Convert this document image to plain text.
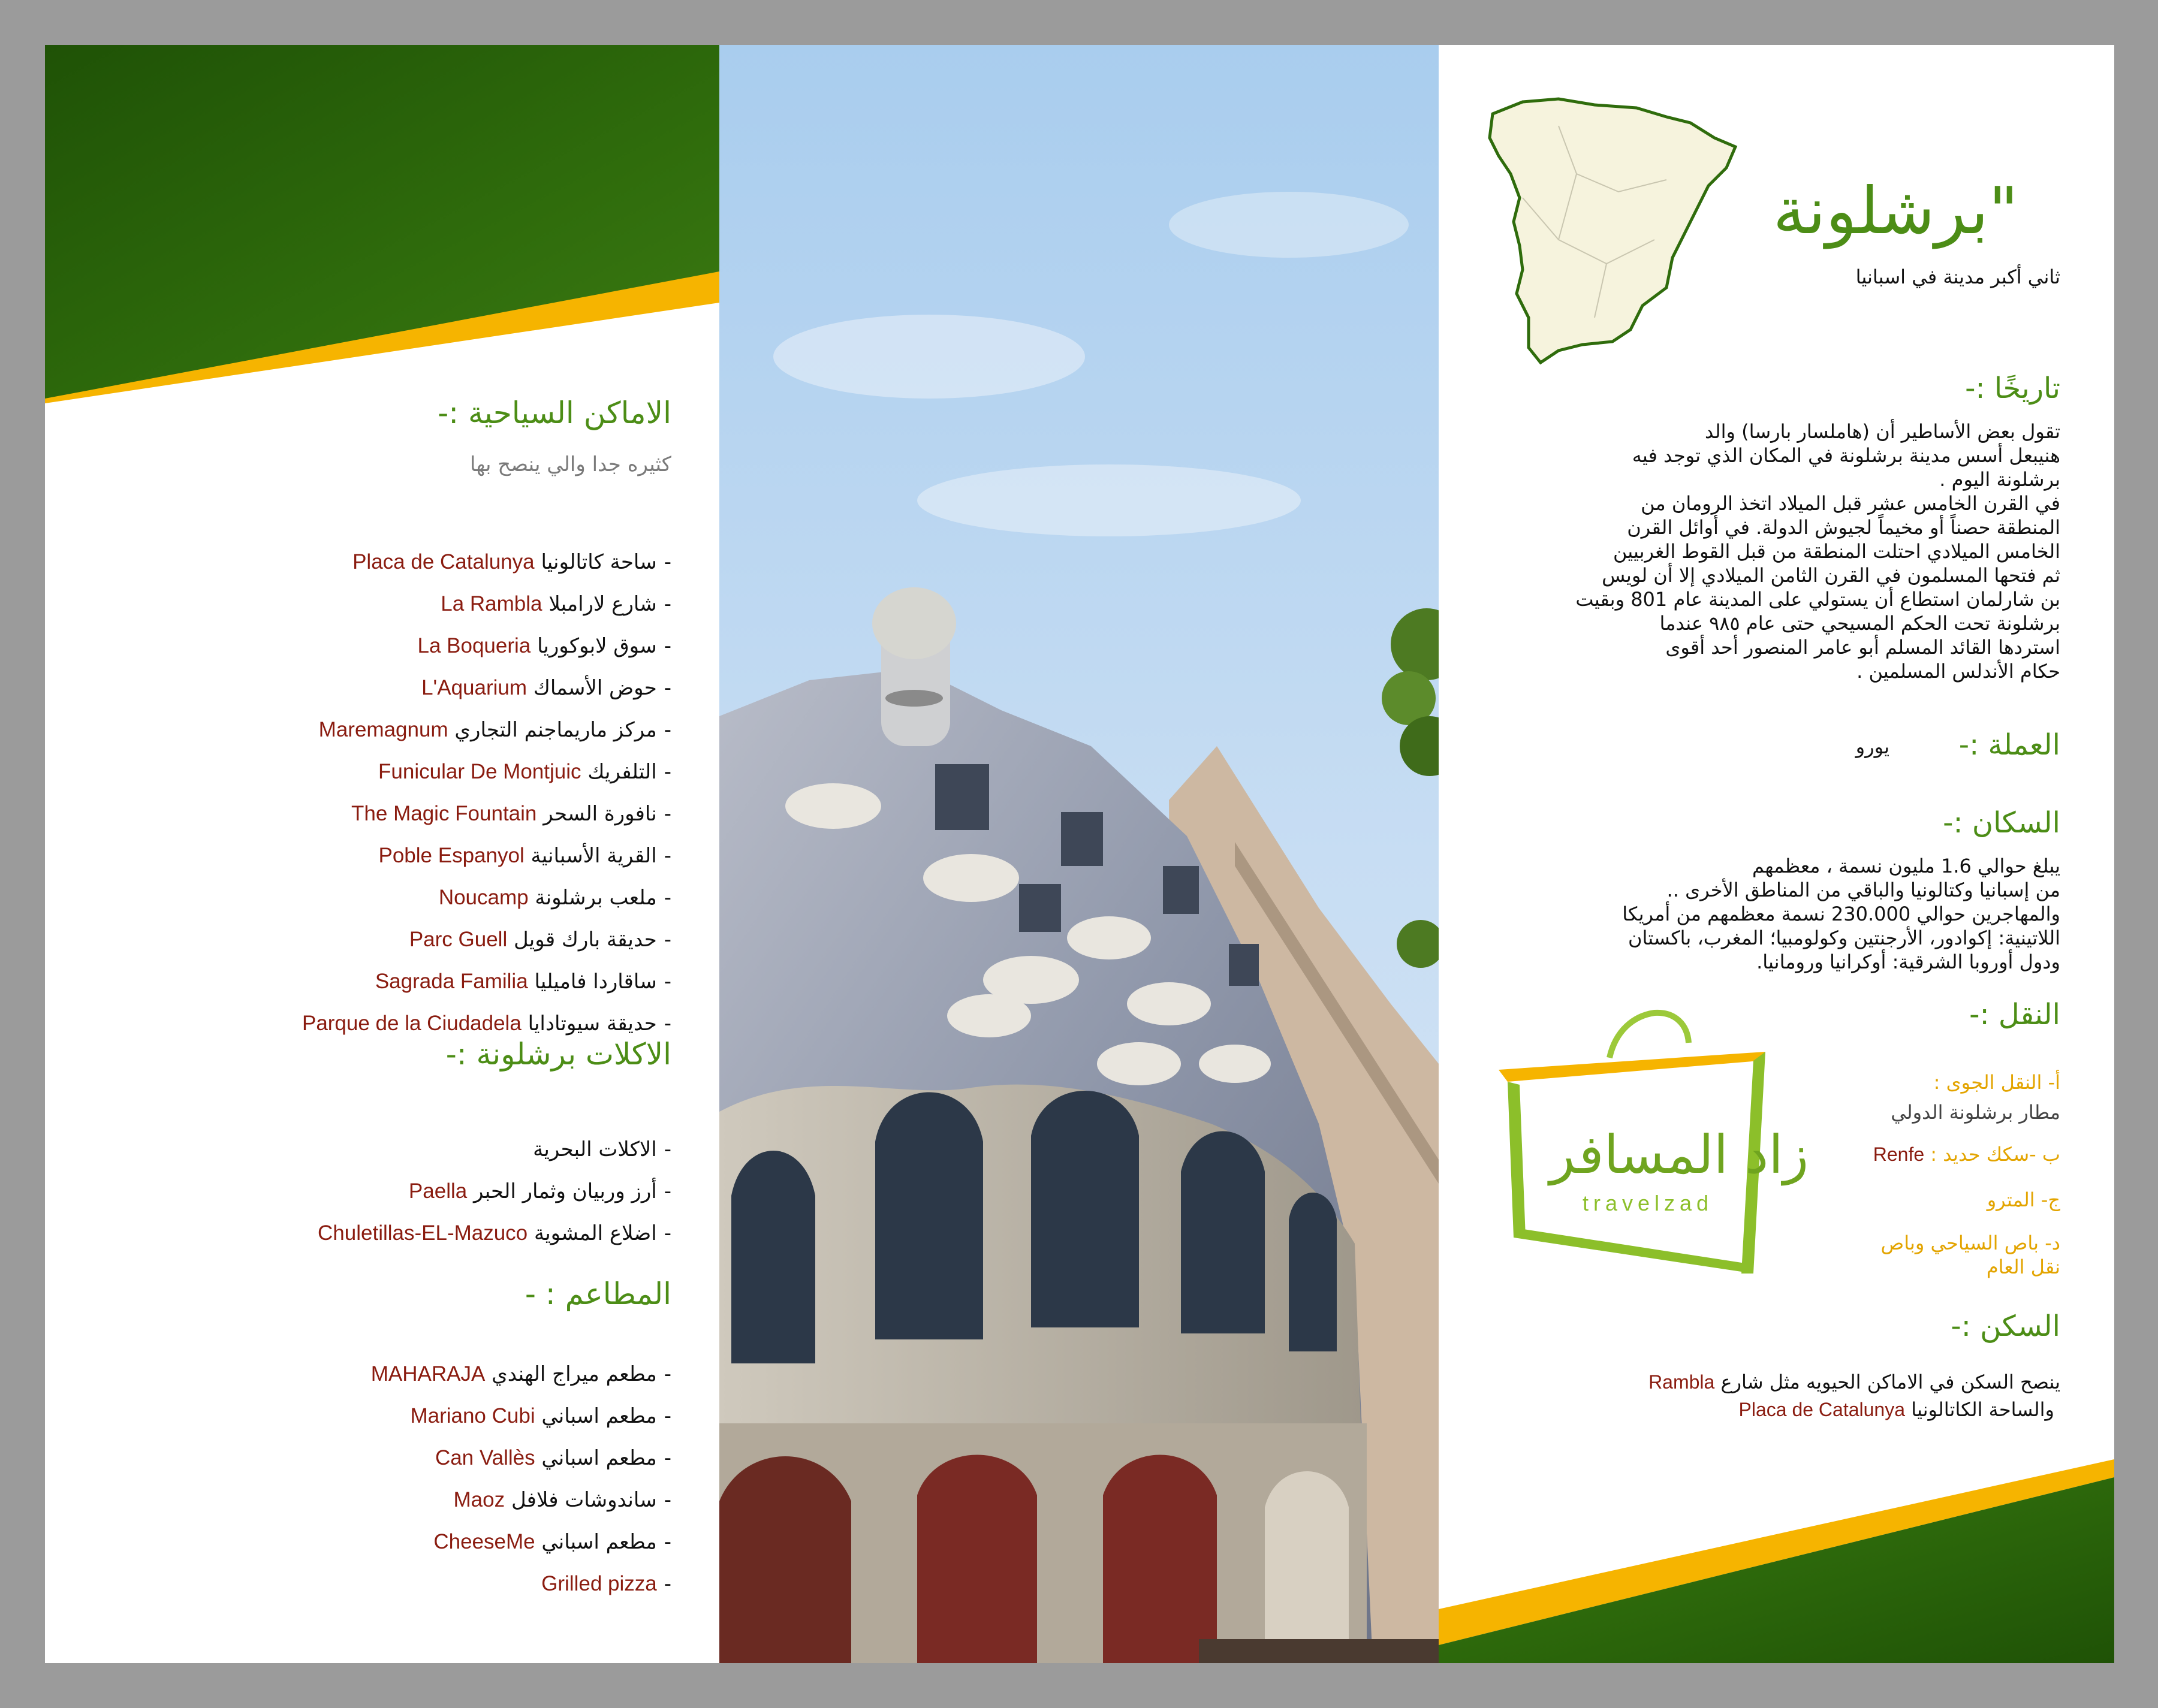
الاماكن السياحية :-
كثيره جدا والي ينصح بها
-ساحة كاتالونيا Placa de Catalunya
-شارع لارامبلا La Rambla
-سوق لابوكوريا La Boqueria
-حوض الأسماك L'Aquarium
-مركز ماريماجنم التجاري Maremagnum
-التلفريك Funicular De Montjuic
-نافورة السحر The Magic Fountain
-القرية الأسبانية Poble Espanyol
-ملعب برشلونة Noucamp
-حديقة بارك قويل Parc Guell
-ساقاردا فاميليا Sagrada Familia
-حديقة سيوتادايا Parque de la Ciudadela
الاكلات برشلونة :-
-الاكلات البحرية
-أرز وربيان وثمار الحبر Paella
-اضلاع المشوية Chuletillas-EL-Mazuco
المطاعم : -
-مطعم ميراج الهندي MAHARAJA
-مطعم اسباني Mariano Cubi
-مطعم اسباني Can Vallès
-ساندوشات فلافل Maoz
-مطعم اسباني CheeseMe
-Grilled pizza
"برشلونة
ثاني أكبر مدينة في اسبانيا
تاريخًا :-
تقول بعض الأساطير أن (هاملسار بارسا) والد
هنيبعل أسس مدينة برشلونة في المكان الذي توجد فيه
برشلونة اليوم .
في القرن الخامس عشر قبل الميلاد اتخذ الرومان من
المنطقة حصناً أو مخيماً لجيوش الدولة. في أوائل القرن
الخامس الميلادي احتلت المنطقة من قبل القوط الغربيين
ثم فتحها المسلمون في القرن الثامن الميلادي إلا أن لويس
بن شارلمان استطاع أن يستولي على المدينة عام 801 وبقيت
برشلونة تحت الحكم المسيحي حتى عام ٩٨٥ عندما
استردها القائد المسلم أبو عامر المنصور أحد أقوى
حكام الأندلس المسلمين .
العملة :-
يورو
السكان :-
يبلغ حوالي 1.6 مليون نسمة ، معظمهم
من إسبانيا وكتالونيا والباقي من المناطق الأخرى ..
والمهاجرين حوالي 230.000 نسمة معظمهم من أمريكا
اللاتينية: إكوادور، الأرجنتين وكولومبيا؛ المغرب، باكستان
ودول أوروبا الشرقية: أوكرانيا ورومانيا.
النقل :-
زاد المسافر
travelzad
أ- النقل الجوى :
مطار برشلونة الدولي
ب -سكك حديد : Renfe
ج- المترو
د- باص السياحي وباص
نقل العام
السكن :-
ينصح السكن في الاماكن الحيويه مثل شارع Rambla
والساحة الكاتالونيا Placa de Catalunya
